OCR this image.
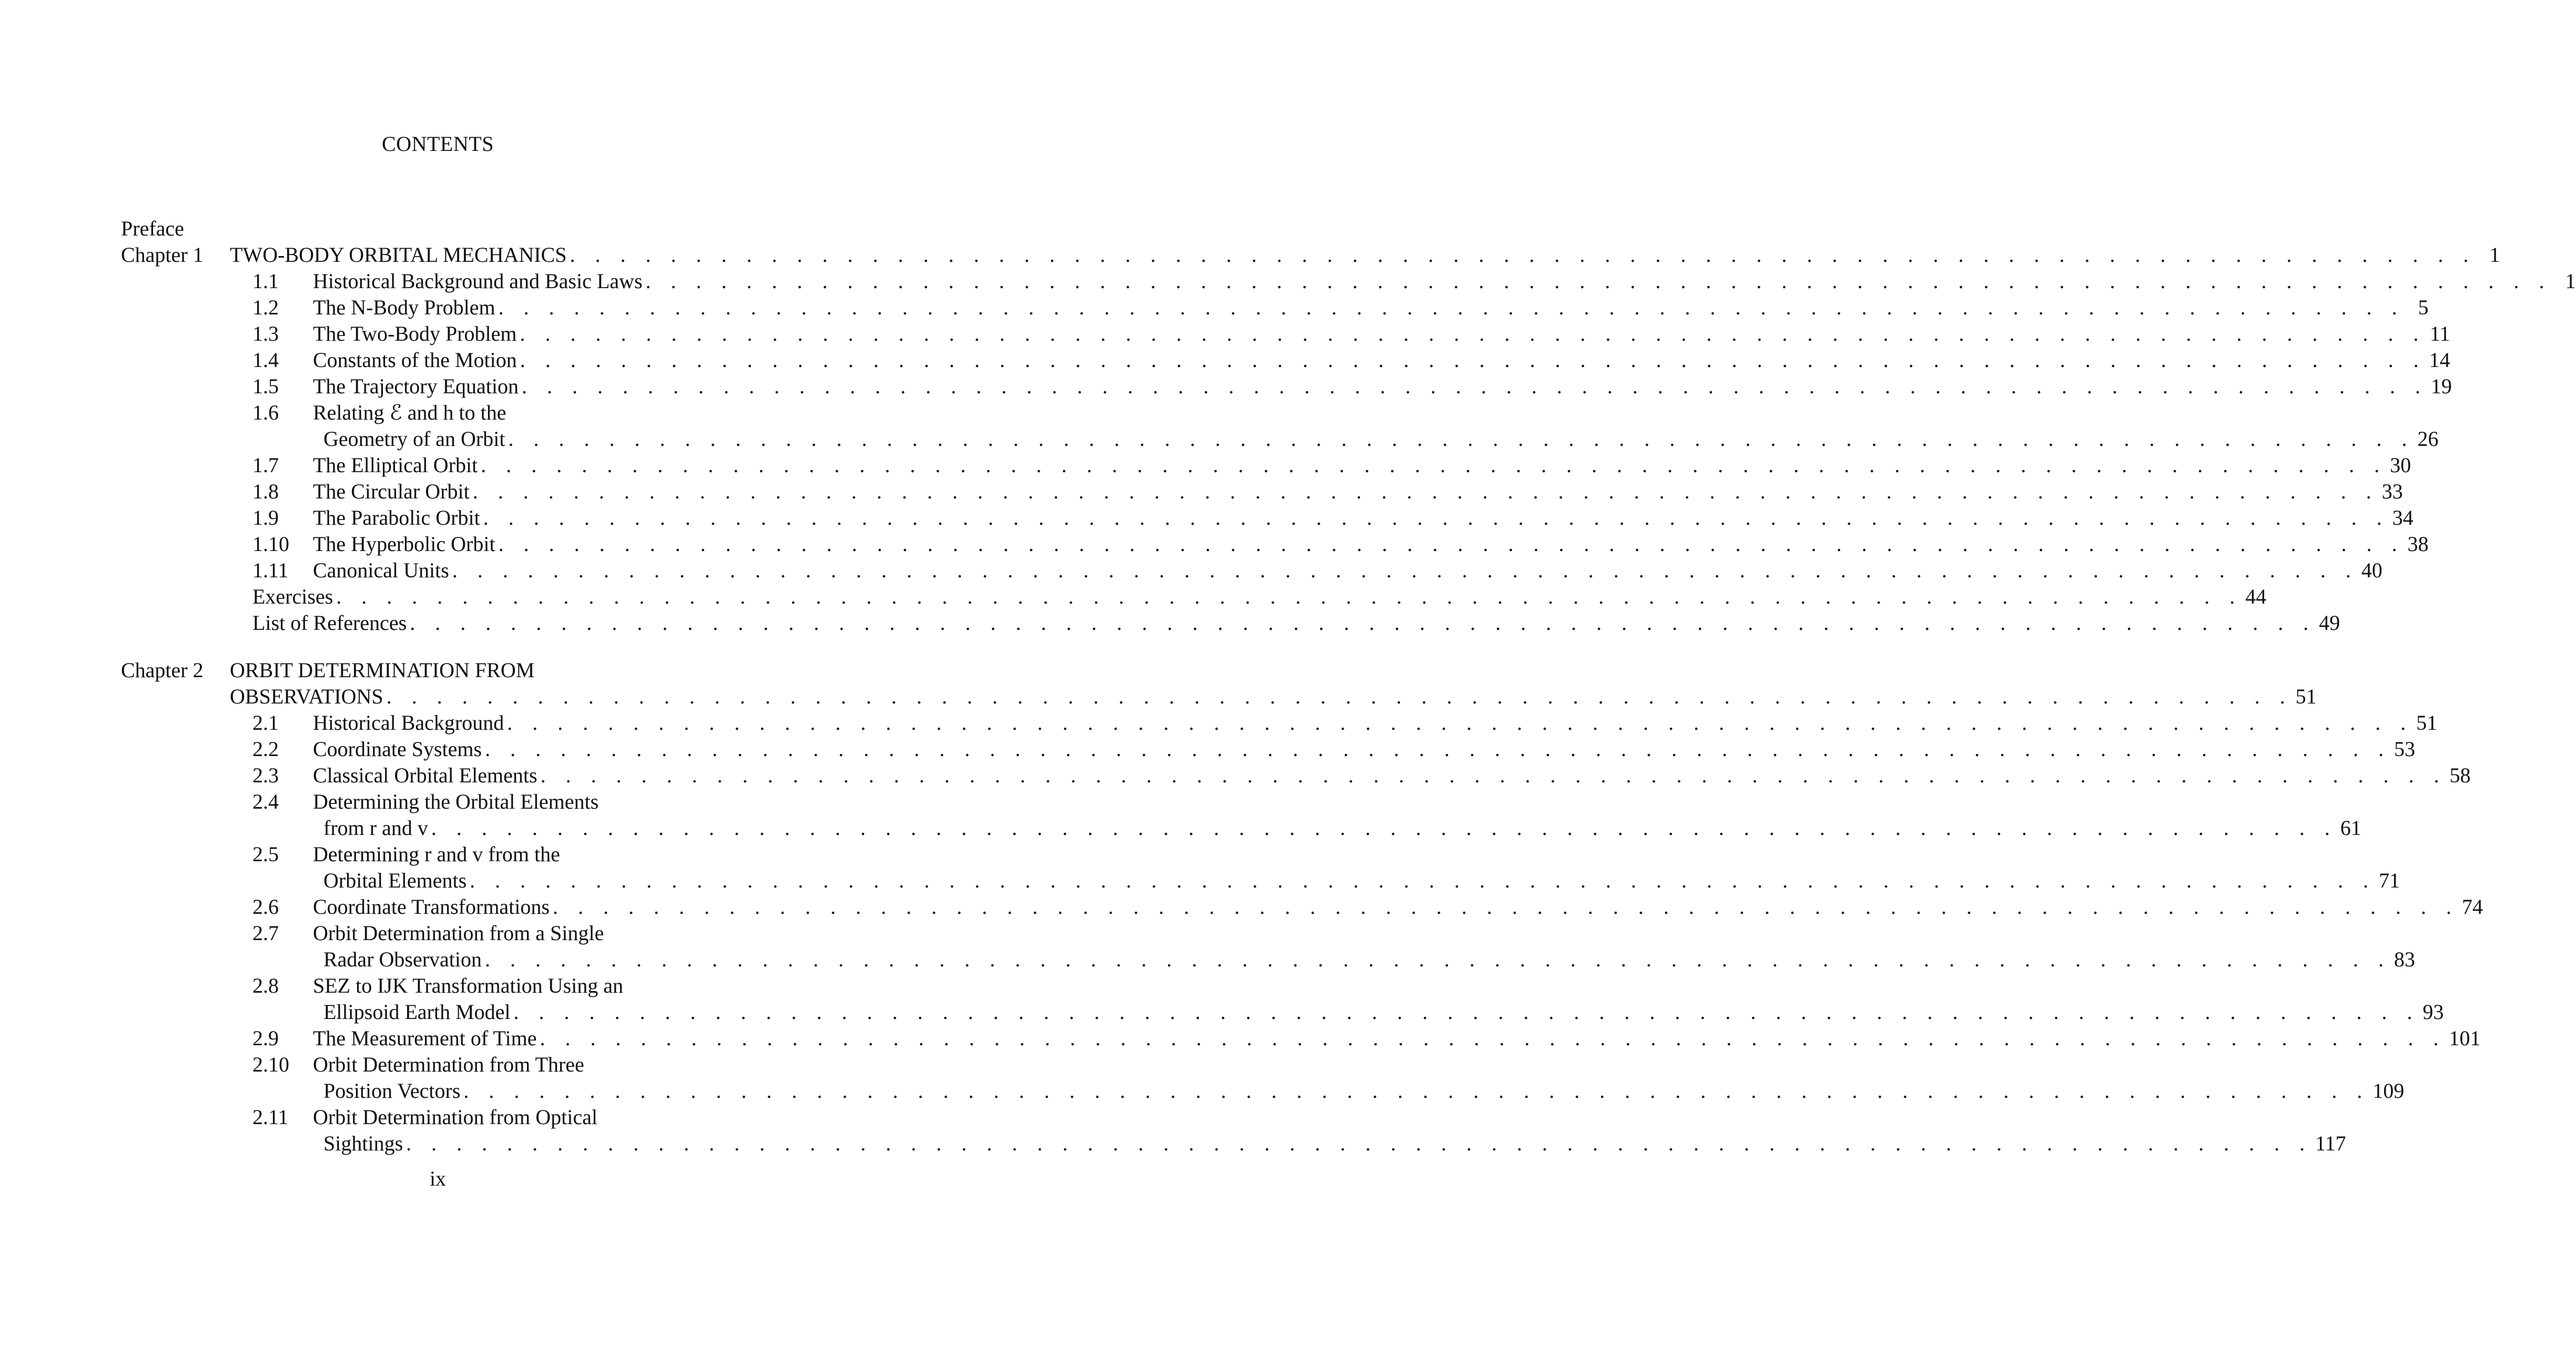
CONTENTS
Preface
Chapter 1 TWO-BODY ORBITAL MECHANICS . . . . . . . . . . . . . . . . . . . . . . . . . . . . . . . . . . . . . . . . . . . . . . . . . . . . . . . . . . . . . . . . . . . . . . . . . . . . 1
1.1 Historical Background and Basic Laws . . . . . . . . . . . . . . . . . . . . . . . . . . . . . . . . . . . . . . . . . . . . . . . . . . . . . . . . . . . . . . . . . . . . . . . . . . . . 1
1.2 The N-Body Problem . . . . . . . . . . . . . . . . . . . . . . . . . . . . . . . . . . . . . . . . . . . . . . . . . . . . . . . . . . . . . . . . . . . . . . . . . . . . 5
1.3 The Two-Body Problem . . . . . . . . . . . . . . . . . . . . . . . . . . . . . . . . . . . . . . . . . . . . . . . . . . . . . . . . . . . . . . . . . . . . . . . . . . . . 11
1.4 Constants of the Motion . . . . . . . . . . . . . . . . . . . . . . . . . . . . . . . . . . . . . . . . . . . . . . . . . . . . . . . . . . . . . . . . . . . . . . . . . . . . 14
1.5 The Trajectory Equation . . . . . . . . . . . . . . . . . . . . . . . . . . . . . . . . . . . . . . . . . . . . . . . . . . . . . . . . . . . . . . . . . . . . . . . . . . . . 19
1.6 Relating ℰ and h to the
Geometry of an Orbit . . . . . . . . . . . . . . . . . . . . . . . . . . . . . . . . . . . . . . . . . . . . . . . . . . . . . . . . . . . . . . . . . . . . . . . . . . . . 26
1.7 The Elliptical Orbit . . . . . . . . . . . . . . . . . . . . . . . . . . . . . . . . . . . . . . . . . . . . . . . . . . . . . . . . . . . . . . . . . . . . . . . . . . . . 30
1.8 The Circular Orbit . . . . . . . . . . . . . . . . . . . . . . . . . . . . . . . . . . . . . . . . . . . . . . . . . . . . . . . . . . . . . . . . . . . . . . . . . . . . 33
1.9 The Parabolic Orbit . . . . . . . . . . . . . . . . . . . . . . . . . . . . . . . . . . . . . . . . . . . . . . . . . . . . . . . . . . . . . . . . . . . . . . . . . . . . 34
1.10 The Hyperbolic Orbit . . . . . . . . . . . . . . . . . . . . . . . . . . . . . . . . . . . . . . . . . . . . . . . . . . . . . . . . . . . . . . . . . . . . . . . . . . . . 38
1.11 Canonical Units . . . . . . . . . . . . . . . . . . . . . . . . . . . . . . . . . . . . . . . . . . . . . . . . . . . . . . . . . . . . . . . . . . . . . . . . . . . . 40
Exercises . . . . . . . . . . . . . . . . . . . . . . . . . . . . . . . . . . . . . . . . . . . . . . . . . . . . . . . . . . . . . . . . . . . . . . . . . . . . 44
List of References . . . . . . . . . . . . . . . . . . . . . . . . . . . . . . . . . . . . . . . . . . . . . . . . . . . . . . . . . . . . . . . . . . . . . . . . . . . . 49
Chapter 2 ORBIT DETERMINATION FROM
OBSERVATIONS . . . . . . . . . . . . . . . . . . . . . . . . . . . . . . . . . . . . . . . . . . . . . . . . . . . . . . . . . . . . . . . . . . . . . . . . . . . . 51
2.1 Historical Background . . . . . . . . . . . . . . . . . . . . . . . . . . . . . . . . . . . . . . . . . . . . . . . . . . . . . . . . . . . . . . . . . . . . . . . . . . . . 51
2.2 Coordinate Systems . . . . . . . . . . . . . . . . . . . . . . . . . . . . . . . . . . . . . . . . . . . . . . . . . . . . . . . . . . . . . . . . . . . . . . . . . . . . 53
2.3 Classical Orbital Elements . . . . . . . . . . . . . . . . . . . . . . . . . . . . . . . . . . . . . . . . . . . . . . . . . . . . . . . . . . . . . . . . . . . . . . . . . . . . 58
2.4 Determining the Orbital Elements
from r and v . . . . . . . . . . . . . . . . . . . . . . . . . . . . . . . . . . . . . . . . . . . . . . . . . . . . . . . . . . . . . . . . . . . . . . . . . . . . 61
2.5 Determining r and v from the
Orbital Elements . . . . . . . . . . . . . . . . . . . . . . . . . . . . . . . . . . . . . . . . . . . . . . . . . . . . . . . . . . . . . . . . . . . . . . . . . . . . 71
2.6 Coordinate Transformations . . . . . . . . . . . . . . . . . . . . . . . . . . . . . . . . . . . . . . . . . . . . . . . . . . . . . . . . . . . . . . . . . . . . . . . . . . . . 74
2.7 Orbit Determination from a Single
Radar Observation . . . . . . . . . . . . . . . . . . . . . . . . . . . . . . . . . . . . . . . . . . . . . . . . . . . . . . . . . . . . . . . . . . . . . . . . . . . . 83
2.8 SEZ to IJK Transformation Using an
Ellipsoid Earth Model . . . . . . . . . . . . . . . . . . . . . . . . . . . . . . . . . . . . . . . . . . . . . . . . . . . . . . . . . . . . . . . . . . . . . . . . . . . . 93
2.9 The Measurement of Time . . . . . . . . . . . . . . . . . . . . . . . . . . . . . . . . . . . . . . . . . . . . . . . . . . . . . . . . . . . . . . . . . . . . . . . . . . . . 101
2.10 Orbit Determination from Three
Position Vectors . . . . . . . . . . . . . . . . . . . . . . . . . . . . . . . . . . . . . . . . . . . . . . . . . . . . . . . . . . . . . . . . . . . . . . . . . . . . 109
2.11 Orbit Determination from Optical
Sightings . . . . . . . . . . . . . . . . . . . . . . . . . . . . . . . . . . . . . . . . . . . . . . . . . . . . . . . . . . . . . . . . . . . . . . . . . . . . 117
ix
